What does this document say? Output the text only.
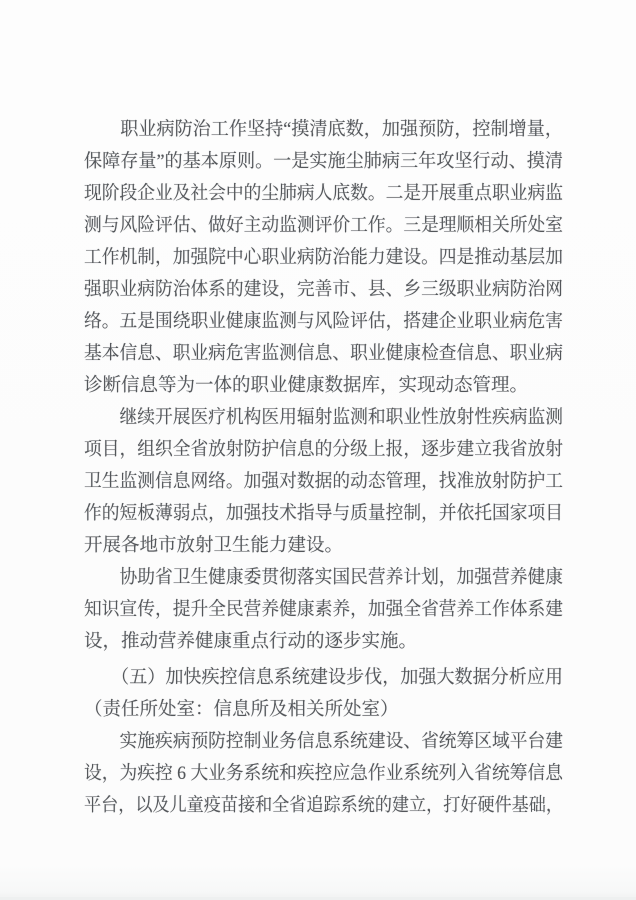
　　职业病防治工作坚持“摸清底数，加强预防，控制增量，
保障存量”的基本原则。一是实施尘肺病三年攻坚行动、摸清
现阶段企业及社会中的尘肺病人底数。二是开展重点职业病监
测与风险评估、做好主动监测评价工作。三是理顺相关所处室
工作机制，加强院中心职业病防治能力建设。四是推动基层加
强职业病防治体系的建设，完善市、县、乡三级职业病防治网
络。五是围绕职业健康监测与风险评估，搭建企业职业病危害
基本信息、职业病危害监测信息、职业健康检查信息、职业病
诊断信息等为一体的职业健康数据库，实现动态管理。
　　继续开展医疗机构医用辐射监测和职业性放射性疾病监测
项目，组织全省放射防护信息的分级上报，逐步建立我省放射
卫生监测信息网络。加强对数据的动态管理，找准放射防护工
作的短板薄弱点，加强技术指导与质量控制，并依托国家项目
开展各地市放射卫生能力建设。
　　协助省卫生健康委贯彻落实国民营养计划，加强营养健康
知识宣传，提升全民营养健康素养，加强全省营养工作体系建
设，推动营养健康重点行动的逐步实施。
　　（五）加快疾控信息系统建设步伐，加强大数据分析应用
（责任所处室：信息所及相关所处室）
　　实施疾病预防控制业务信息系统建设、省统筹区域平台建
设，为疾控 6 大业务系统和疾控应急作业系统列入省统筹信息
平台，以及儿童疫苗接和全省追踪系统的建立，打好硬件基础，
